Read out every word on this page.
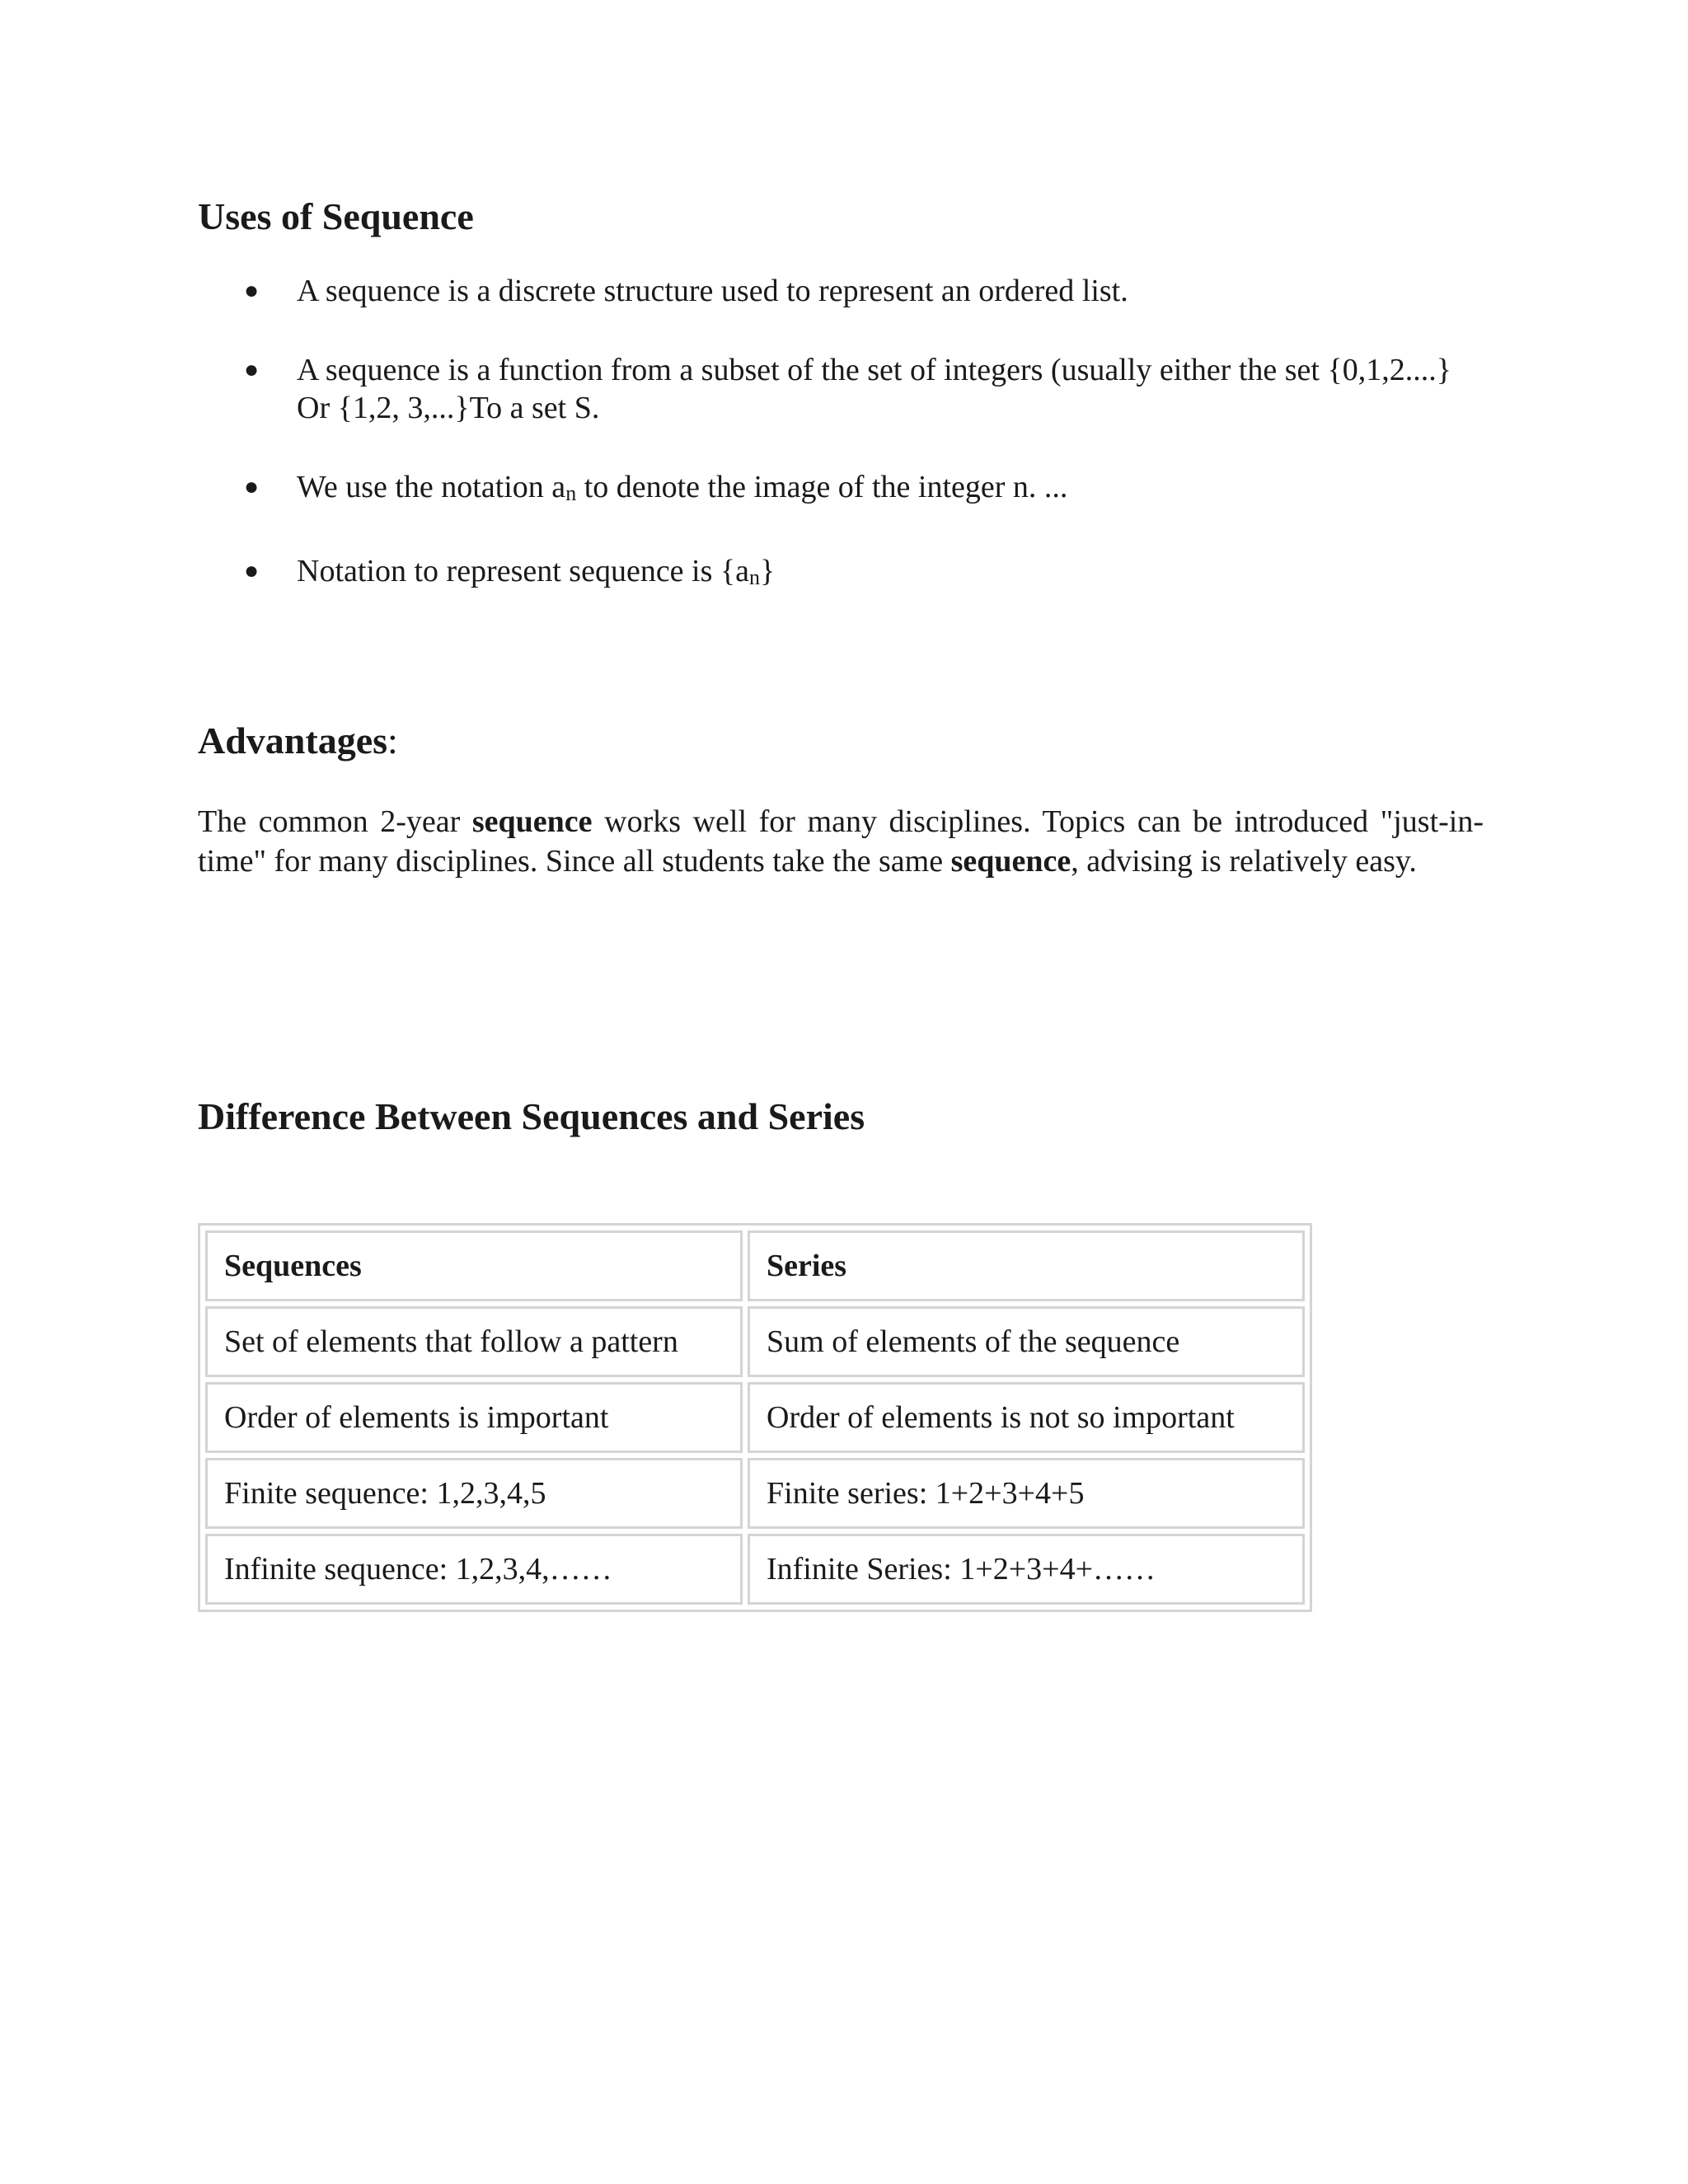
Uses of Sequence
● A sequence is a discrete structure used to represent an ordered list.
● A sequence is a function from a subset of the set of integers (usually either the set {0,1,2....} Or {1,2, 3,...}To a set S.
● We use the notation $a_n$ to denote the image of the integer n. ...
● Notation to represent sequence is $\{a_n\}$
Advantages:

The common 2-year sequence works well for many disciplines. Topics can be introduced "just-in-time" for many disciplines. Since all students take the same sequence, advising is relatively easy.

Difference Between Sequences and Series
Sequences	Series
Set of elements that follow a pattern	Sum of elements of the sequence
Order of elements is important	Order of elements is not so important
Finite sequence: 1,2,3,4,5	Finite series: 1+2+3+4+5
Infinite sequence: 1,2,3,4,……	Infinite Series: 1+2+3+4+……
